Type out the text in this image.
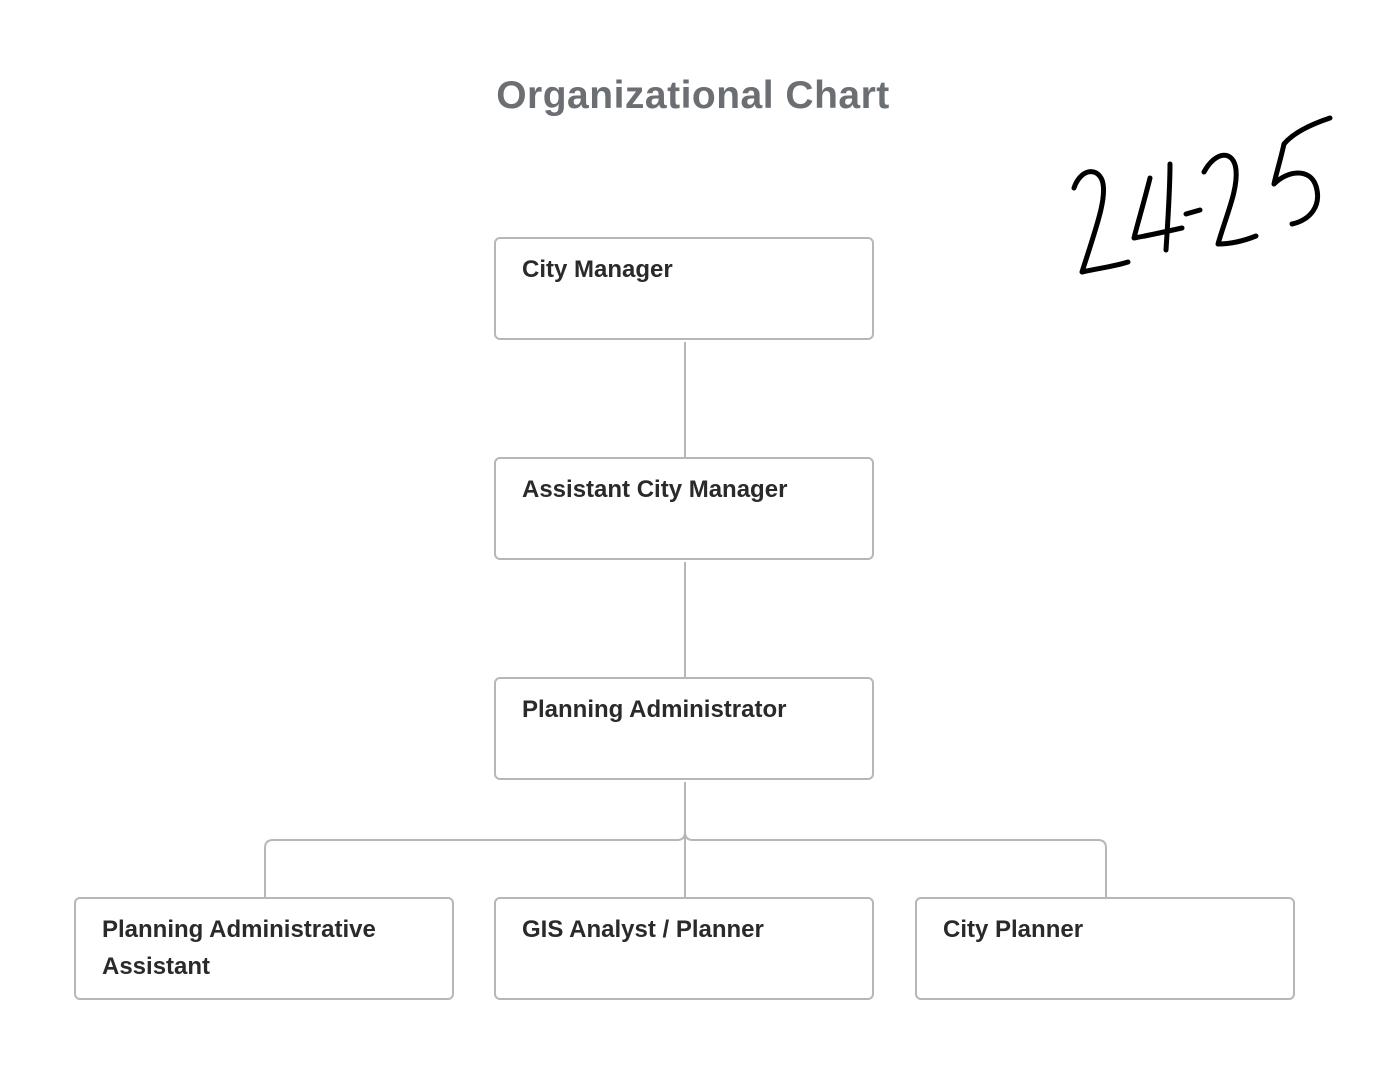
Organizational Chart
City Manager
Assistant City Manager
Planning Administrator
Planning Administrative Assistant
GIS Analyst / Planner	City Planner
24-25
